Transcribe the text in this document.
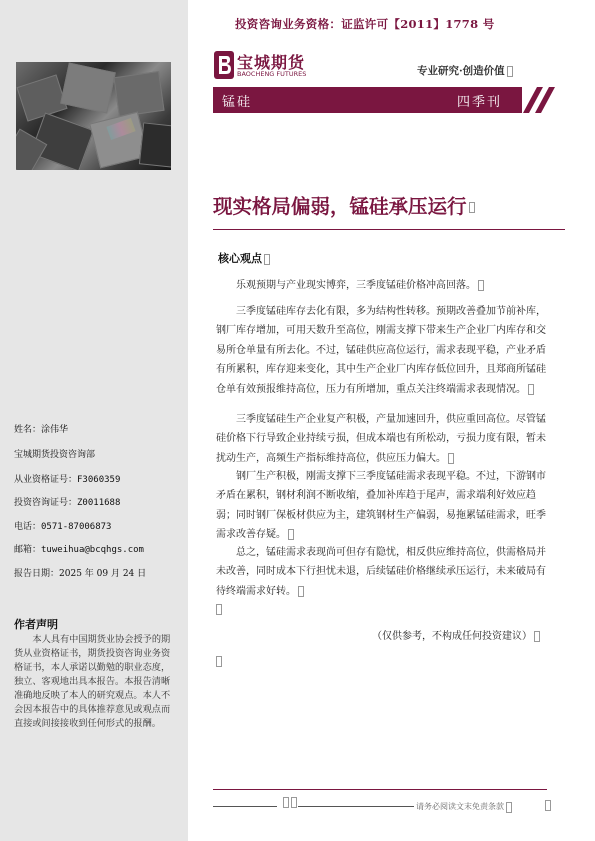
投资咨询业务资格：证监许可【2011】1778 号
宝城期货
BAOCHENG FUTURES	专业研究·创造价值
锰硅	四季刊
现实格局偏弱，锰硅承压运行
核心观点

乐观预期与产业现实博弈，三季度锰硅价格冲高回落。

三季度锰硅库存去化有限，多为结构性转移。预期改善叠加节前补库，钢厂库存增加，可用天数升至高位，刚需支撑下带来生产企业厂内库存和交易所仓单量有所去化。不过，锰硅供应高位运行，需求表现平稳，产业矛盾有所累积，库存迎来变化，其中生产企业厂内库存低位回升，且郑商所锰硅仓单有效预报维持高位，压力有所增加，重点关注终端需求表现情况。

三季度锰硅生产企业复产积极，产量加速回升，供应重回高位。尽管锰硅价格下行导致企业持续亏损，但成本端也有所松动，亏损力度有限，暂未扰动生产，高频生产指标维持高位，供应压力偏大。

钢厂生产积极，刚需支撑下三季度锰硅需求表现平稳。不过，下游钢市矛盾在累积，钢材利润不断收缩，叠加补库趋于尾声，需求端利好效应趋弱；同时钢厂保板材供应为主，建筑钢材生产偏弱，易拖累锰硅需求，旺季需求改善存疑。

总之，锰硅需求表现尚可但存有隐忧，相反供应维持高位，供需格局并未改善，同时成本下行担忧未退，后续锰硅价格继续承压运行，未来破局有待终端需求好转。

（仅供参考，不构成任何投资建议）
姓名：涂伟华
宝城期货投资咨询部
从业资格证号：F3060359
投资咨询证号：Z0011688
电话：0571-87006873
邮箱：tuweihua@bcqhgs.com
报告日期：2025 年 09 月 24 日
作者声明

本人具有中国期货业协会授予的期货从业资格证书，期货投资咨询业务资格证书，本人承诺以勤勉的职业态度，独立、客观地出具本报告。本报告清晰准确地反映了本人的研究观点。本人不会因本报告中的具体推荐意见或观点而直接或间接接收到任何形式的报酬。

请务必阅读文末免责条款
